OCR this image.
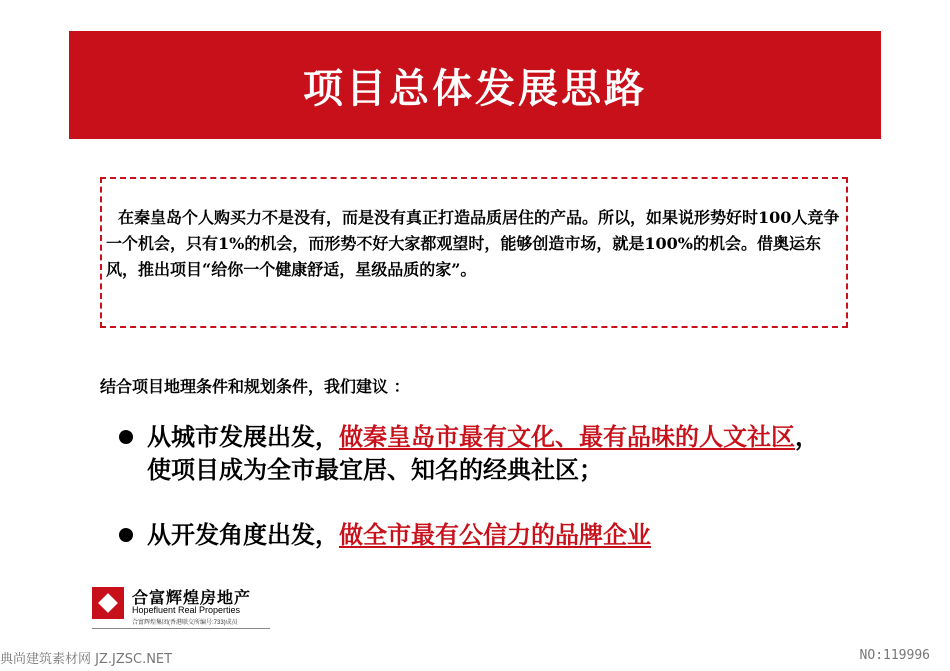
项目总体发展思路

在秦皇岛个人购买力不是没有，而是没有真正打造品质居住的产品。所以，如果说形势好时100人竞争一个机会，只有1%的机会，而形势不好大家都观望时，能够创造市场，就是100%的机会。借奥运东风，推出项目“给你一个健康舒适，星级品质的家”。

结合项目地理条件和规划条件，我们建议 ：

从城市发展出发，做秦皇岛市最有文化、最有品味的人文社区，使项目成为全市最宜居、知名的经典社区；
从开发角度出发，做全市最有公信力的品牌企业

合富辉煌房地产

Hopefluent Real Properties

合富辉煌集团(香港联交所编号:733)成员

典尚建筑素材网 JZ.JZSC.NET	NO:119996
